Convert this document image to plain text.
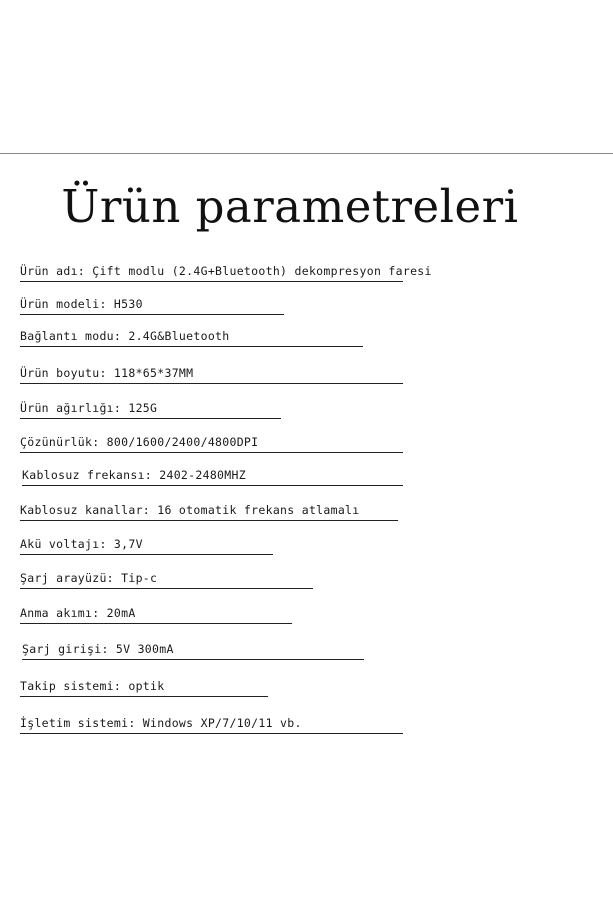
Ürün parametreleri
Ürün adı: Çift modlu (2.4G+Bluetooth) dekompresyon faresi
Ürün modeli: H530
Bağlantı modu: 2.4G&Bluetooth
Ürün boyutu: 118*65*37MM
Ürün ağırlığı: 125G
Çözünürlük: 800/1600/2400/4800DPI
Kablosuz frekansı: 2402-2480MHZ
Kablosuz kanallar: 16 otomatik frekans atlamalı
Akü voltajı: 3,7V
Şarj arayüzü: Tip-c
Anma akımı: 20mA
Şarj girişi: 5V 300mA
Takip sistemi: optik
İşletim sistemi: Windows XP/7/10/11 vb.
